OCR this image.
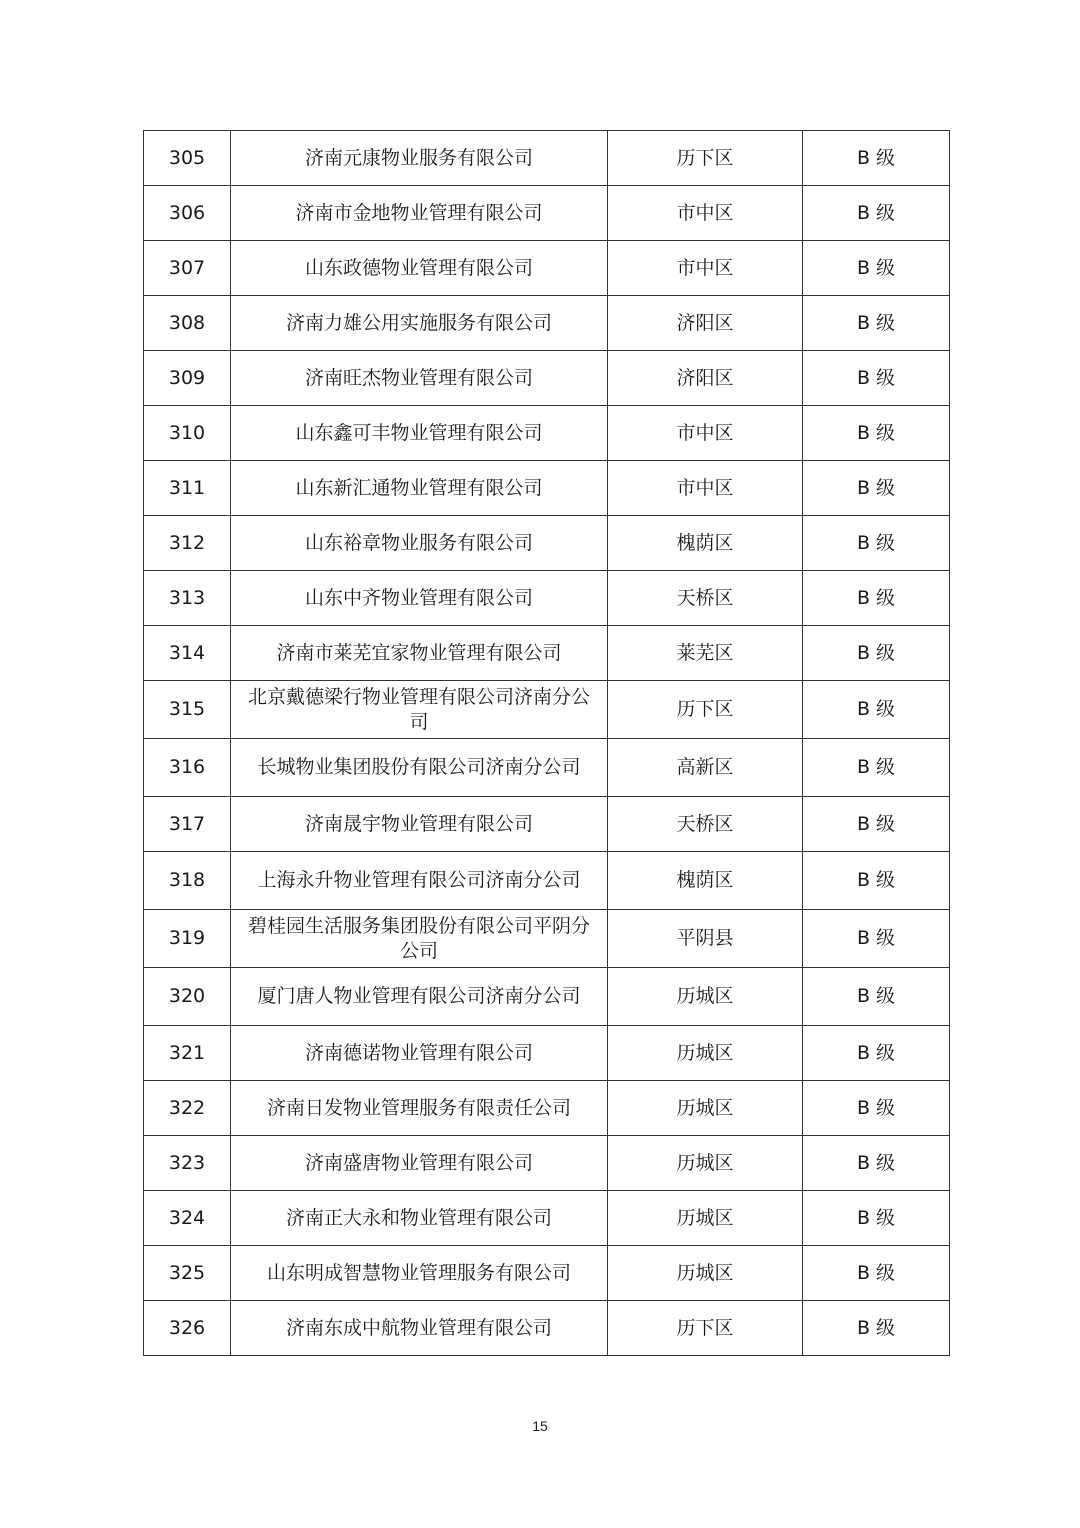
305	济南元康物业服务有限公司	历下区	B 级
306	济南市金地物业管理有限公司	市中区	B 级
307	山东政德物业管理有限公司	市中区	B 级
308	济南力雄公用实施服务有限公司	济阳区	B 级
309	济南旺杰物业管理有限公司	济阳区	B 级
310	山东鑫可丰物业管理有限公司	市中区	B 级
311	山东新汇通物业管理有限公司	市中区	B 级
312	山东裕章物业服务有限公司	槐荫区	B 级
313	山东中齐物业管理有限公司	天桥区	B 级
314	济南市莱芜宜家物业管理有限公司	莱芜区	B 级
315	北京戴德梁行物业管理有限公司济南分公司	历下区	B 级
316	长城物业集团股份有限公司济南分公司	高新区	B 级
317	济南晟宇物业管理有限公司	天桥区	B 级
318	上海永升物业管理有限公司济南分公司	槐荫区	B 级
319	碧桂园生活服务集团股份有限公司平阴分公司	平阴县	B 级
320	厦门唐人物业管理有限公司济南分公司	历城区	B 级
321	济南德诺物业管理有限公司	历城区	B 级
322	济南日发物业管理服务有限责任公司	历城区	B 级
323	济南盛唐物业管理有限公司	历城区	B 级
324	济南正大永和物业管理有限公司	历城区	B 级
325	山东明成智慧物业管理服务有限公司	历城区	B 级
326	济南东成中航物业管理有限公司	历下区	B 级
15
